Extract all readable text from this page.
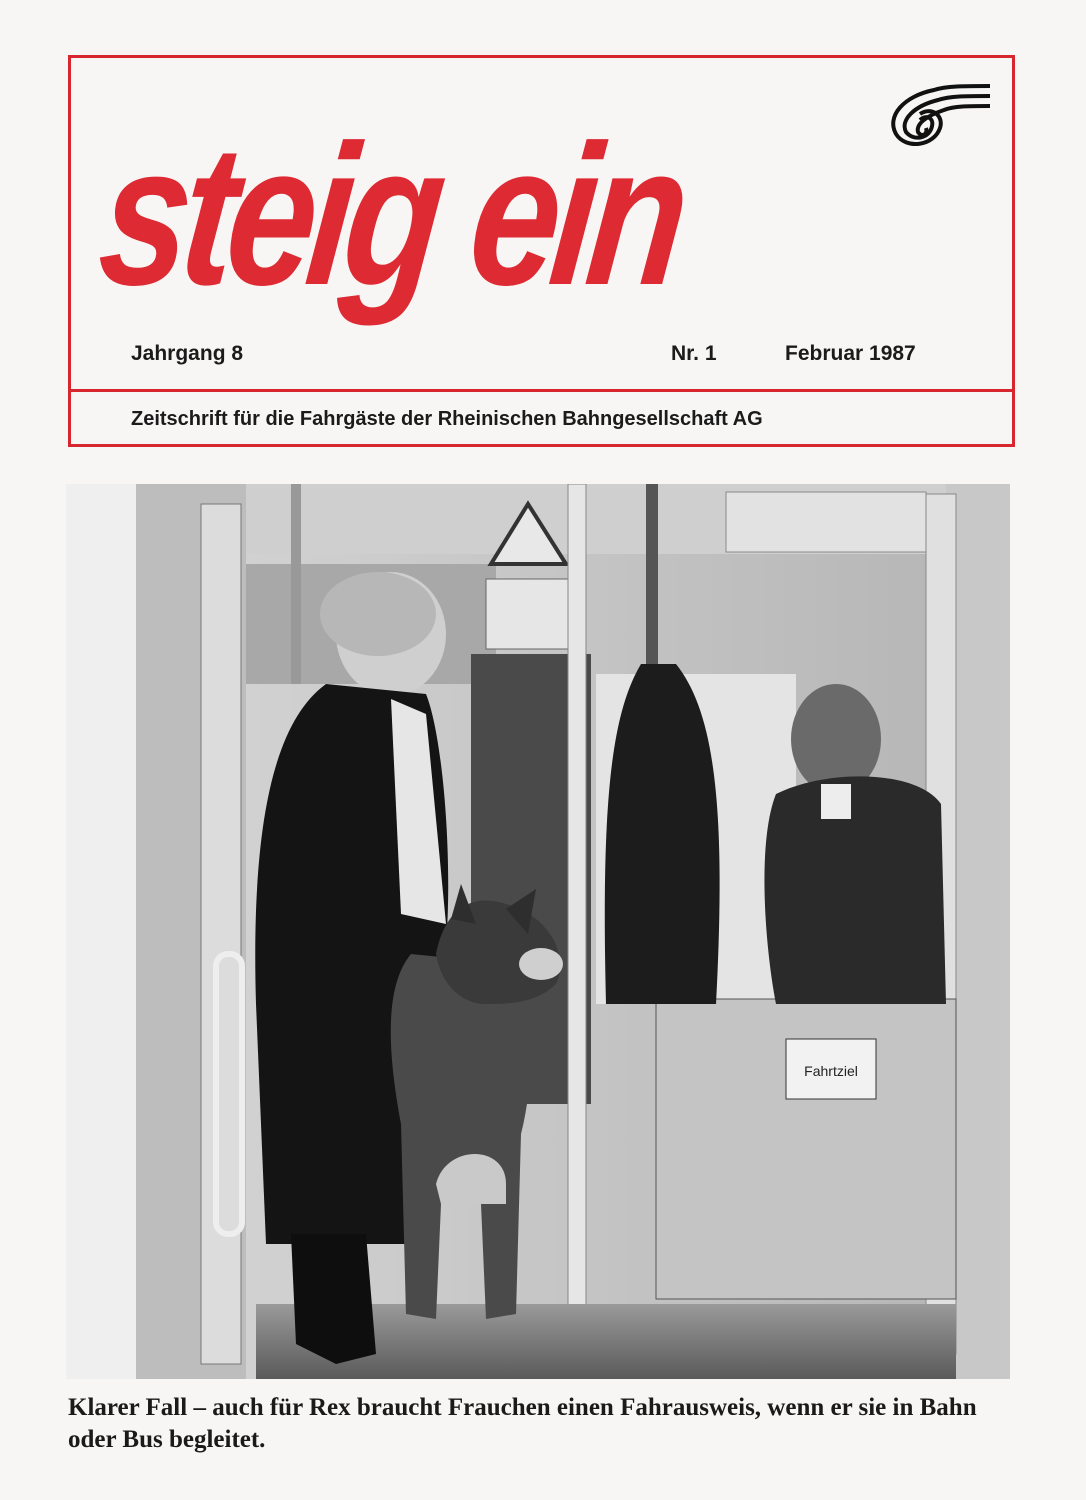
steig ein
Jahrgang 8	Nr. 1	Februar 1987
Zeitschrift für die Fahrgäste der Rheinischen Bahngesellschaft AG
Fahrtziel
Klarer Fall – auch für Rex braucht Frauchen einen Fahrausweis, wenn er sie in Bahn oder Bus begleitet.
